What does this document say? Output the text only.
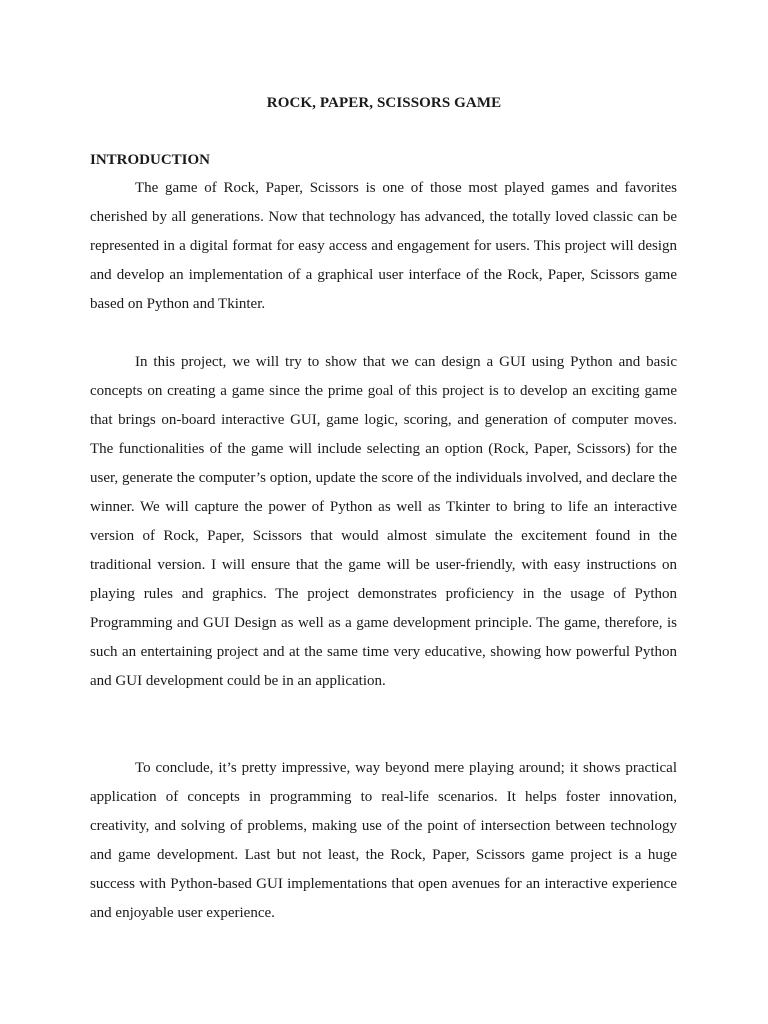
ROCK, PAPER, SCISSORS GAME
INTRODUCTION

The game of Rock, Paper, Scissors is one of those most played games and favorites cherished by all generations. Now that technology has advanced, the totally loved classic can be represented in a digital format for easy access and engagement for users. This project will design and develop an implementation of a graphical user interface of the Rock, Paper, Scissors game based on Python and Tkinter.

In this project, we will try to show that we can design a GUI using Python and basic concepts on creating a game since the prime goal of this project is to develop an exciting game that brings on-board interactive GUI, game logic, scoring, and generation of computer moves. The functionalities of the game will include selecting an option (Rock, Paper, Scissors) for the user, generate the computer’s option, update the score of the individuals involved, and declare the winner. We will capture the power of Python as well as Tkinter to bring to life an interactive version of Rock, Paper, Scissors that would almost simulate the excitement found in the traditional version. I will ensure that the game will be user-friendly, with easy instructions on playing rules and graphics. The project demonstrates proficiency in the usage of Python Programming and GUI Design as well as a game development principle. The game, therefore, is such an entertaining project and at the same time very educative, showing how powerful Python and GUI development could be in an application.

To conclude, it’s pretty impressive, way beyond mere playing around; it shows practical application of concepts in programming to real-life scenarios. It helps foster innovation, creativity, and solving of problems, making use of the point of intersection between technology and game development. Last but not least, the Rock, Paper, Scissors game project is a huge success with Python-based GUI implementations that open avenues for an interactive experience and enjoyable user experience.
